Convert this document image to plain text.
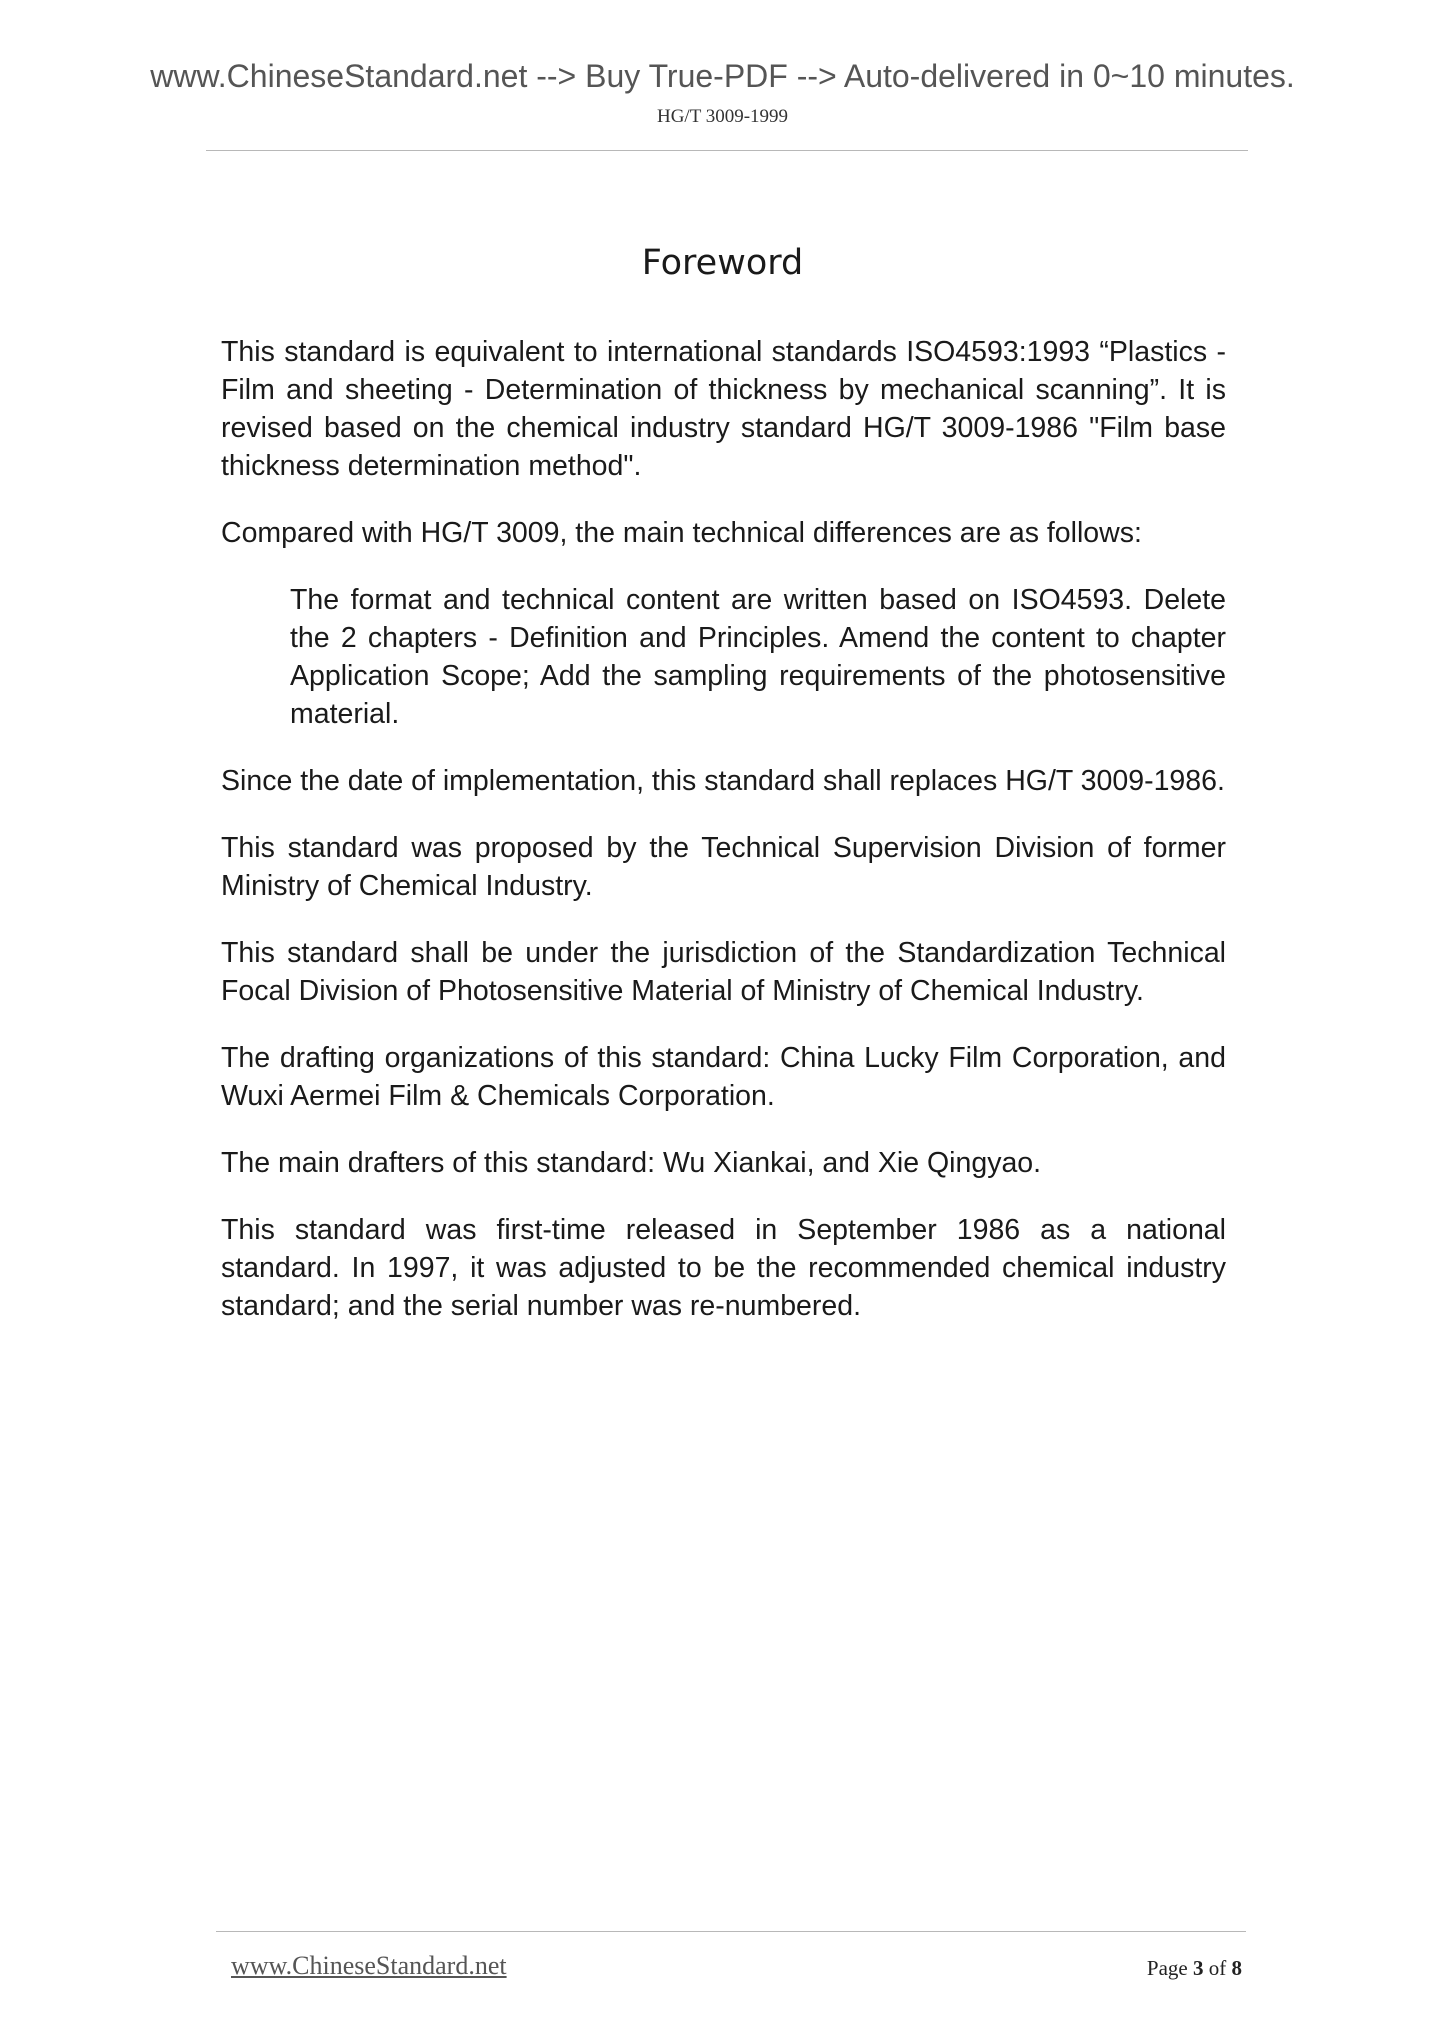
www.ChineseStandard.net --> Buy True-PDF --> Auto-delivered in 0~10 minutes.
HG/T 3009-1999
Foreword

This standard is equivalent to international standards ISO4593:1993 “Plastics - Film and sheeting - Determination of thickness by mechanical scanning”. It is revised based on the chemical industry standard HG/T 3009-1986 "Film base thickness determination method".

Compared with HG/T 3009, the main technical differences are as follows:

The format and technical content are written based on ISO4593. Delete the 2 chapters - Definition and Principles. Amend the content to chapter Application Scope; Add the sampling requirements of the photosensitive material.

Since the date of implementation, this standard shall replaces HG/T 3009-1986.

This standard was proposed by the Technical Supervision Division of former Ministry of Chemical Industry.

This standard shall be under the jurisdiction of the Standardization Technical Focal Division of Photosensitive Material of Ministry of Chemical Industry.

The drafting organizations of this standard: China Lucky Film Corporation, and Wuxi Aermei Film & Chemicals Corporation.

The main drafters of this standard: Wu Xiankai, and Xie Qingyao.

This standard was first-time released in September 1986 as a national standard. In 1997, it was adjusted to be the recommended chemical industry standard; and the serial number was re-numbered.

www.ChineseStandard.net	Page 3 of 8
